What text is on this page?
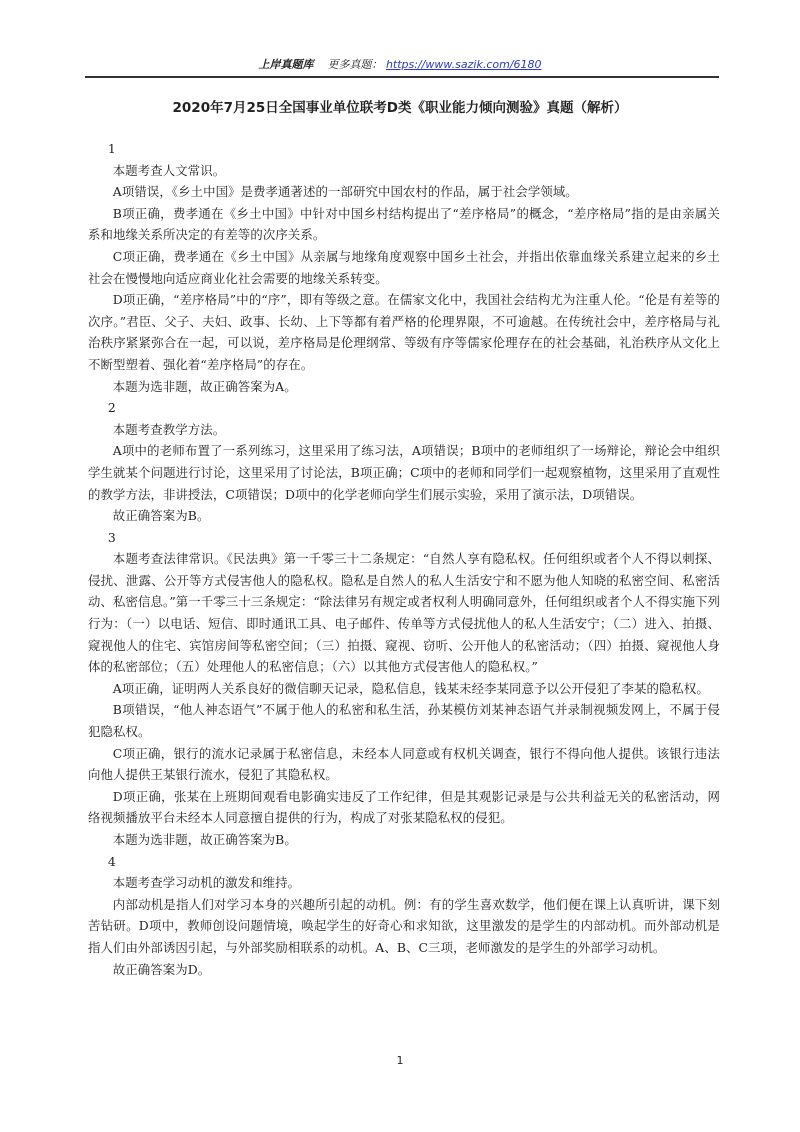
上岸真题库 更多真题： https://www.sazik.com/6180
2020年7月25日全国事业单位联考D类《职业能力倾向测验》真题（解析）

1

本题考查人文常识。

A项错误，《乡土中国》是费孝通著述的一部研究中国农村的作品，属于社会学领域。

B项正确，费孝通在《乡土中国》中针对中国乡村结构提出了“差序格局”的概念，“差序格局”指的是由亲属关系和地缘关系所决定的有差等的次序关系。

C项正确，费孝通在《乡土中国》从亲属与地缘角度观察中国乡土社会，并指出依靠血缘关系建立起来的乡土社会在慢慢地向适应商业化社会需要的地缘关系转变。

D项正确，“差序格局”中的“序”，即有等级之意。在儒家文化中，我国社会结构尤为注重人伦。“伦是有差等的次序。”君臣、父子、夫妇、政事、长幼、上下等都有着严格的伦理界限，不可逾越。在传统社会中，差序格局与礼治秩序紧紧弥合在一起，可以说，差序格局是伦理纲常、等级有序等儒家伦理存在的社会基础，礼治秩序从文化上不断型塑着、强化着“差序格局”的存在。

本题为选非题，故正确答案为A。

2

本题考查教学方法。

A项中的老师布置了一系列练习，这里采用了练习法，A项错误；B项中的老师组织了一场辩论，辩论会中组织学生就某个问题进行讨论，这里采用了讨论法，B项正确；C项中的老师和同学们一起观察植物，这里采用了直观性的教学方法，非讲授法，C项错误；D项中的化学老师向学生们展示实验，采用了演示法，D项错误。

故正确答案为B。

3

本题考查法律常识。《民法典》第一千零三十二条规定：“自然人享有隐私权。任何组织或者个人不得以刺探、侵扰、泄露、公开等方式侵害他人的隐私权。隐私是自然人的私人生活安宁和不愿为他人知晓的私密空间、私密活动、私密信息。”第一千零三十三条规定：“除法律另有规定或者权利人明确同意外，任何组织或者个人不得实施下列行为：（一）以电话、短信、即时通讯工具、电子邮件、传单等方式侵扰他人的私人生活安宁；（二）进入、拍摄、窥视他人的住宅、宾馆房间等私密空间；（三）拍摄、窥视、窃听、公开他人的私密活动；（四）拍摄、窥视他人身体的私密部位；（五）处理他人的私密信息；（六）以其他方式侵害他人的隐私权。”

A项正确，证明两人关系良好的微信聊天记录，隐私信息，钱某未经李某同意予以公开侵犯了李某的隐私权。

B项错误，“他人神态语气”不属于他人的私密和私生活，孙某模仿刘某神态语气并录制视频发网上，不属于侵犯隐私权。

C项正确，银行的流水记录属于私密信息，未经本人同意或有权机关调查，银行不得向他人提供。该银行违法向他人提供王某银行流水，侵犯了其隐私权。

D项正确，张某在上班期间观看电影确实违反了工作纪律，但是其观影记录是与公共利益无关的私密活动，网络视频播放平台未经本人同意擅自提供的行为，构成了对张某隐私权的侵犯。

本题为选非题，故正确答案为B。

4

本题考查学习动机的激发和维持。

内部动机是指人们对学习本身的兴趣所引起的动机。例：有的学生喜欢数学，他们便在课上认真听讲，课下刻苦钻研。D项中，教师创设问题情境，唤起学生的好奇心和求知欲，这里激发的是学生的内部动机。而外部动机是指人们由外部诱因引起，与外部奖励相联系的动机。A、B、C三项，老师激发的是学生的外部学习动机。

故正确答案为D。

1
